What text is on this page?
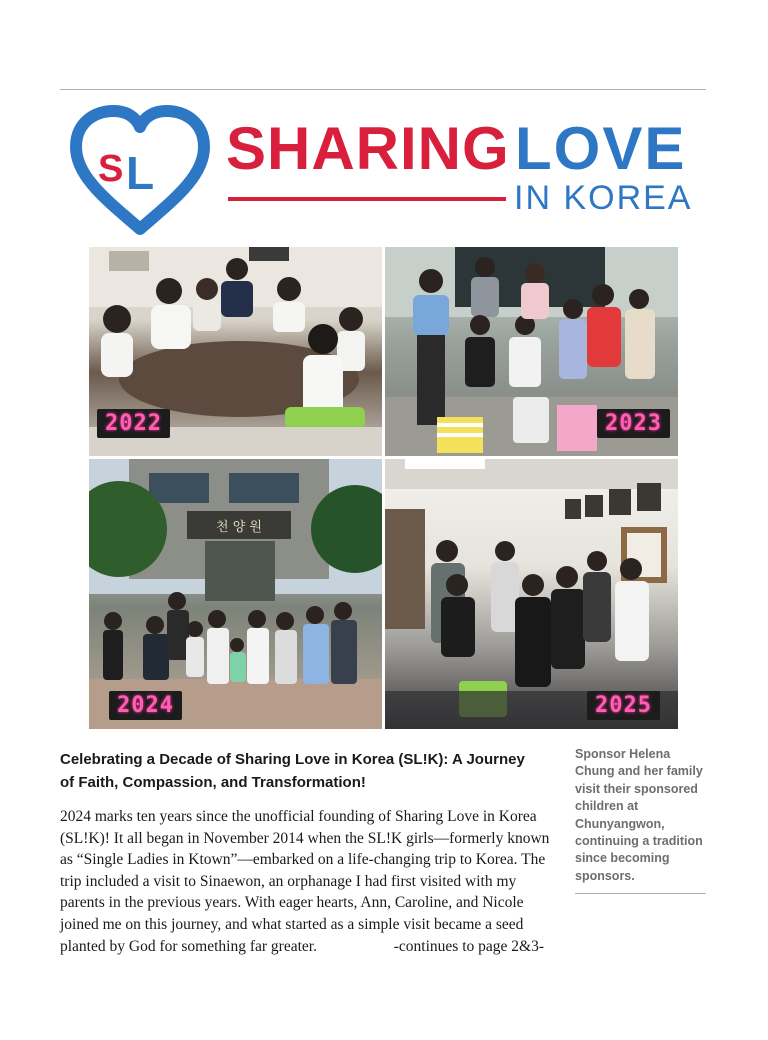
S L SHARING LOVE
IN KOREA
2022	2023
천 양 원
2024	2025
Celebrating a Decade of Sharing Love in Korea (SL!K): A Journey of Faith, Compassion, and Transformation!
2024 marks ten years since the unofficial founding of Sharing Love in Korea (SL!K)! It all began in November 2014 when the SL!K girls—formerly known as “Single Ladies in Ktown”—embarked on a life-changing trip to Korea. The trip included a visit to Sinaewon, an orphanage I had first visited with my parents in the previous years. With eager hearts, Ann, Caroline, and Nicole joined me on this journey, and what started as a simple visit became a seed planted by God for something far greater.	-continues to page 2&3-
Sponsor Helena Chung and her family visit their sponsored children at Chunyangwon, continuing a tradition since becoming sponsors.
